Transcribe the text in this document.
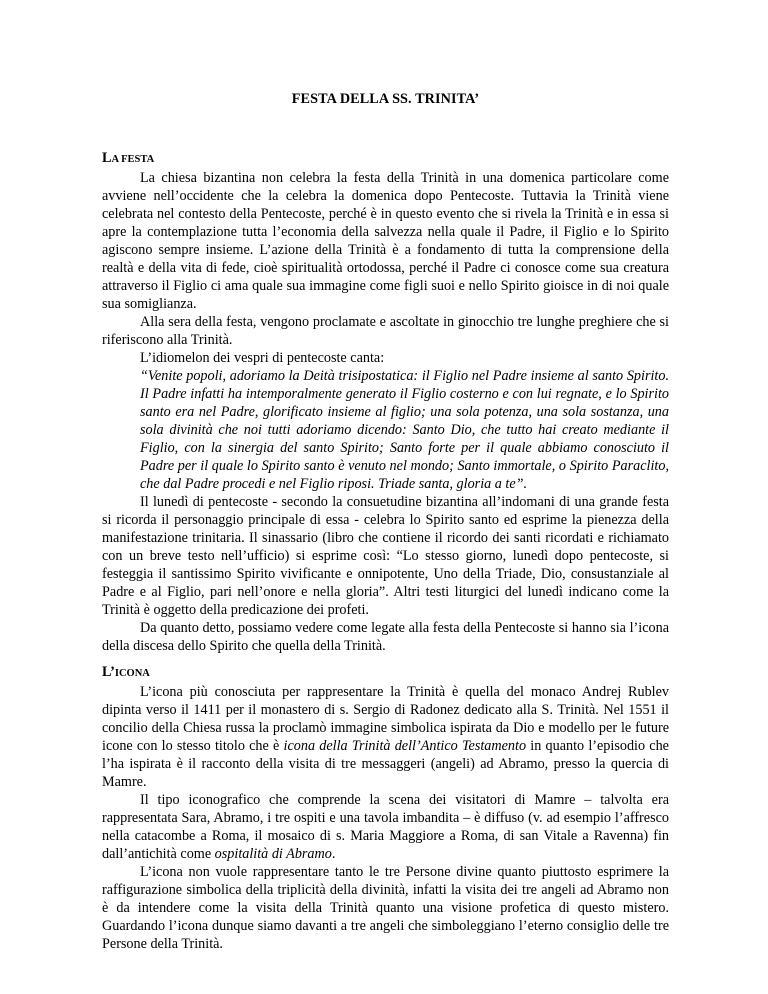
FESTA DELLA SS. TRINITA’
LA FESTA

La chiesa bizantina non celebra la festa della Trinità in una domenica particolare come avviene nell’occidente che la celebra la domenica dopo Pentecoste. Tuttavia la Trinità viene celebrata nel contesto della Pentecoste, perché è in questo evento che si rivela la Trinità e in essa si apre la contemplazione tutta l’economia della salvezza nella quale il Padre, il Figlio e lo Spirito agiscono sempre insieme. L’azione della Trinità è a fondamento di tutta la comprensione della realtà e della vita di fede, cioè spiritualità ortodossa, perché il Padre ci conosce come sua creatura attraverso il Figlio ci ama quale sua immagine come figli suoi e nello Spirito gioisce in di noi quale sua somiglianza.

Alla sera della festa, vengono proclamate e ascoltate in ginocchio tre lunghe preghiere che si riferiscono alla Trinità.

L’idiomelon dei vespri di pentecoste canta:

“Venite popoli, adoriamo la Deità trisipostatica: il Figlio nel Padre insieme al santo Spirito. Il Padre infatti ha intemporalmente generato il Figlio costerno e con lui regnate, e lo Spirito santo era nel Padre, glorificato insieme al figlio; una sola potenza, una sola sostanza, una sola divinità che noi tutti adoriamo dicendo: Santo Dio, che tutto hai creato mediante il Figlio, con la sinergia del santo Spirito; Santo forte per il quale abbiamo conosciuto il Padre per il quale lo Spirito santo è venuto nel mondo; Santo immortale, o Spirito Paraclito, che dal Padre procedi e nel Figlio riposi. Triade santa, gloria a te”.

Il lunedì di pentecoste - secondo la consuetudine bizantina all’indomani di una grande festa si ricorda il personaggio principale di essa - celebra lo Spirito santo ed esprime la pienezza della manifestazione trinitaria. Il sinassario (libro che contiene il ricordo dei santi ricordati e richiamato con un breve testo nell’ufficio) si esprime così: “Lo stesso giorno, lunedì dopo pentecoste, si festeggia il santissimo Spirito vivificante e onnipotente, Uno della Triade, Dio, consustanziale al Padre e al Figlio, pari nell’onore e nella gloria”. Altri testi liturgici del lunedì indicano come la Trinità è oggetto della predicazione dei profeti.

Da quanto detto, possiamo vedere come legate alla festa della Pentecoste si hanno sia l’icona della discesa dello Spirito che quella della Trinità.

L’ICONA

L’icona più conosciuta per rappresentare la Trinità è quella del monaco Andrej Rublev dipinta verso il 1411 per il monastero di s. Sergio di Radonez dedicato alla S. Trinità. Nel 1551 il concilio della Chiesa russa la proclamò immagine simbolica ispirata da Dio e modello per le future icone con lo stesso titolo che è icona della Trinità dell’Antico Testamento in quanto l’episodio che l’ha ispirata è il racconto della visita di tre messaggeri (angeli) ad Abramo, presso la quercia di Mamre.

Il tipo iconografico che comprende la scena dei visitatori di Mamre – talvolta era rappresentata Sara, Abramo, i tre ospiti e una tavola imbandita – è diffuso (v. ad esempio l’affresco nella catacombe a Roma, il mosaico di s. Maria Maggiore a Roma, di san Vitale a Ravenna) fin dall’antichità come ospitalità di Abramo.

L’icona non vuole rappresentare tanto le tre Persone divine quanto piuttosto esprimere la raffigurazione simbolica della triplicità della divinità, infatti la visita dei tre angeli ad Abramo non è da intendere come la visita della Trinità quanto una visione profetica di questo mistero. Guardando l’icona dunque siamo davanti a tre angeli che simboleggiano l’eterno consiglio delle tre Persone della Trinità.
